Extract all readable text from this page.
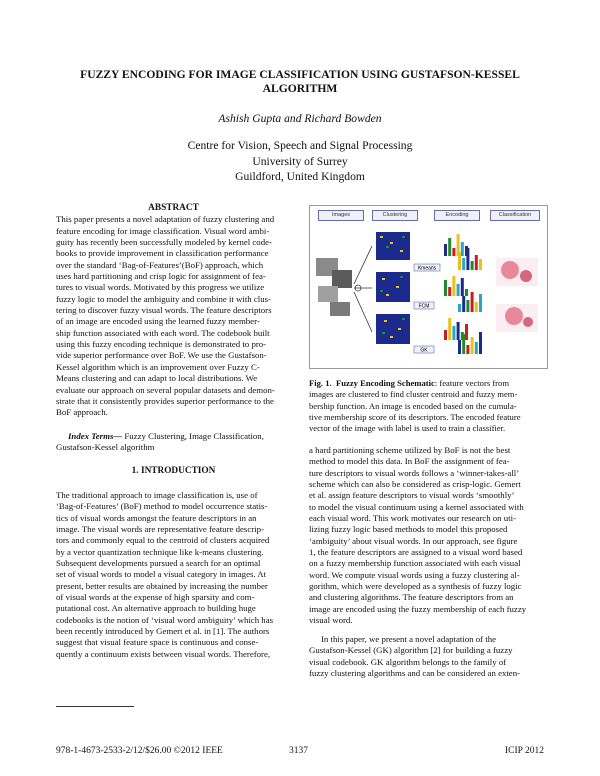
FUZZY ENCODING FOR IMAGE CLASSIFICATION USING GUSTAFSON-KESSEL
ALGORITHM
Ashish Gupta and Richard Bowden
Centre for Vision, Speech and Signal Processing
University of Surrey
Guildford, United Kingdom
ABSTRACT
This paper presents a novel adaptation of fuzzy clustering and
feature encoding for image classification. Visual word ambi-
guity has recently been successfully modeled by kernel code-
books to provide improvement in classification performance
over the standard ‘Bag-of-Features’(BoF) approach, which
uses hard partitioning and crisp logic for assignment of fea-
tures to visual words. Motivated by this progress we utilize
fuzzy logic to model the ambiguity and combine it with clus-
tering to discover fuzzy visual words. The feature descriptors
of an image are encoded using the learned fuzzy member-
ship function associated with each word. The codebook built
using this fuzzy encoding technique is demonstrated to pro-
vide superior performance over BoF. We use the Gustafson-
Kessel algorithm which is an improvement over Fuzzy C-
Means clustering and can adapt to local distributions. We
evaluate our approach on several popular datasets and demon-
strate that it consistently provides superior performance to the
BoF approach.
Index Terms— Fuzzy Clustering, Image Classification,
Gustafson-Kessel algorithm
1. INTRODUCTION
The traditional approach to image classification is, use of
‘Bag-of-Features’ (BoF) method to model occurrence statis-
tics of visual words amongst the feature descriptors in an
image. The visual words are representative feature descrip-
tors and commonly equal to the centroid of clusters acquired
by a vector quantization technique like k-means clustering.
Subsequent developments pursued a search for an optimal
set of visual words to model a visual category in images. At
present, better results are obtained by increasing the number
of visual words at the expense of high sparsity and com-
putational cost. An alternative approach to building huge
codebooks is the notion of ‘visual word ambiguity’ which has
been recently introduced by Gemert et al. in [1]. The authors
suggest that visual feature space is continuous and conse-
quently a continuum exists between visual words. Therefore,
Images	Clustering	Encoding	Classification
Kmeans
FCM
GK
Fig. 1. Fuzzy Encoding Schematic: feature vectors from
images are clustered to find cluster centroid and fuzzy mem-
bership function. An image is encoded based on the cumula-
tive membership score of its descriptors. The encoded feature
vector of the image with label is used to train a classifier.
a hard partitioning scheme utilized by BoF is not the best
method to model this data. In BoF the assignment of fea-
ture descriptors to visual words follows a ‘winner-takes-all’
scheme which can also be considered as crisp-logic. Gemert
et al. assign feature descriptors to visual words ‘smoothly’
to model the visual continuum using a kernel associated with
each visual word. This work motivates our research on uti-
lizing fuzzy logic based methods to model this proposed
‘ambiguity’ about visual words. In our approach, see figure
1, the feature descriptors are assigned to a visual word based
on a fuzzy membership function associated with each visual
word. We compute visual words using a fuzzy clustering al-
gorithm, which were developed as a synthesis of fuzzy logic
and clustering algorithms. The feature descriptors from an
image are encoded using the fuzzy membership of each fuzzy
visual word.
In this paper, we present a novel adaptation of the
Gustafson-Kessel (GK) algorithm [2] for building a fuzzy
visual codebook. GK algorithm belongs to the family of
fuzzy clustering algorithms and can be considered an exten-
978-1-4673-2533-2/12/$26.00 ©2012 IEEE	3137	ICIP 2012
